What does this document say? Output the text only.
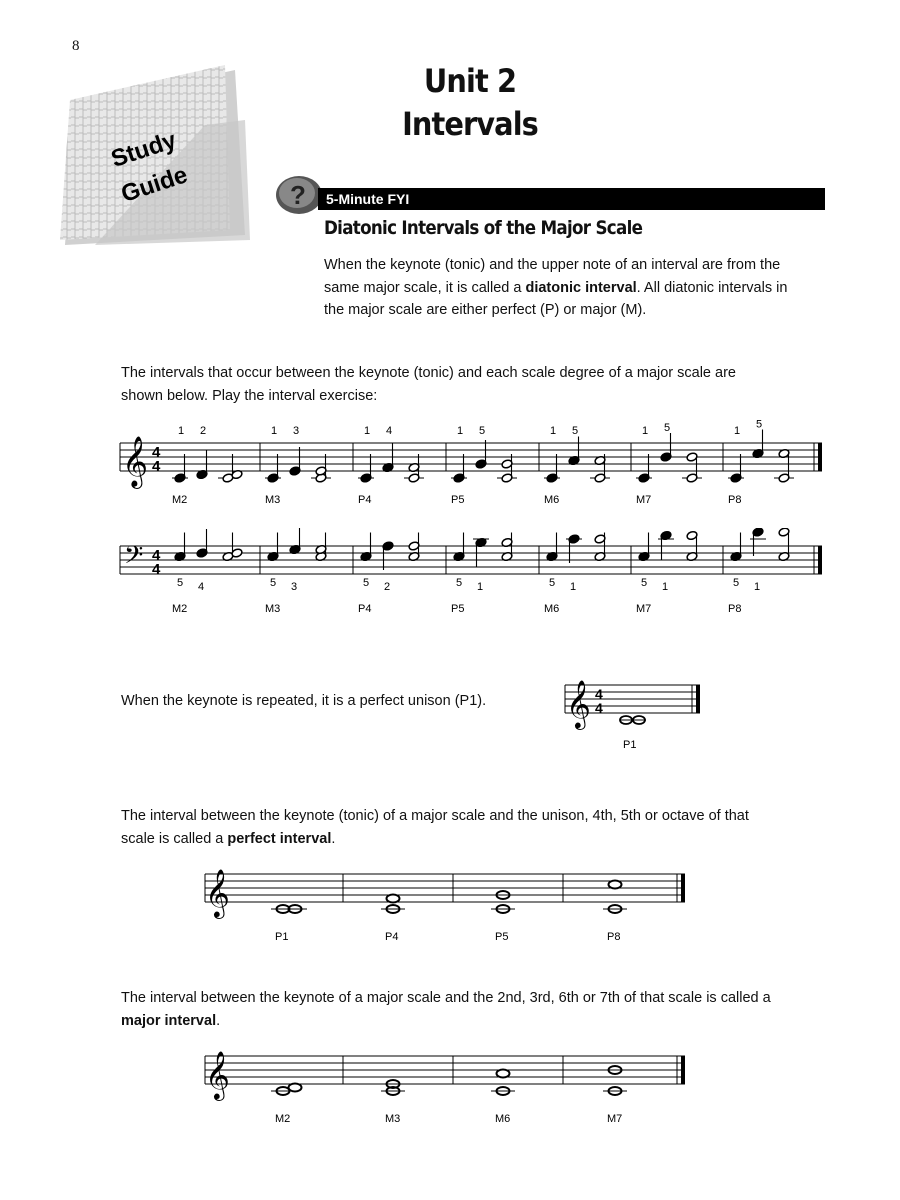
8
Unit 2
Intervals
Study
Guide	?	5-Minute FYI
Diatonic Intervals of the Major Scale
When the keynote (tonic) and the upper note of an interval are from the same major scale, it is called a diatonic interval. All diatonic intervals in the major scale are either perfect (P) or major (M).
The intervals that occur between the keynote (tonic) and each scale degree of a major scale are shown below. Play the interval exercise:
𝄞 4
4
1 2
M2
1 3
M3
1 4
P4
1 5
P5
1 5
M6
1 5
M7
1
5
P8
𝄢 4
4
5 4
M2
5 3
M3
5 2
P4
5 1
P5
5 1
M6
5 1
M7
5 1
P8
When the keynote is repeated, it is a perfect unison (P1).	𝄞 4
4
P1
The interval between the keynote (tonic) of a major scale and the unison, 4th, 5th or octave of that scale is called a perfect interval.
𝄞
P1	P4	P5	P8
The interval between the keynote of a major scale and the 2nd, 3rd, 6th or 7th of that scale is called a major interval.
𝄞
M2	M3	M6	M7
